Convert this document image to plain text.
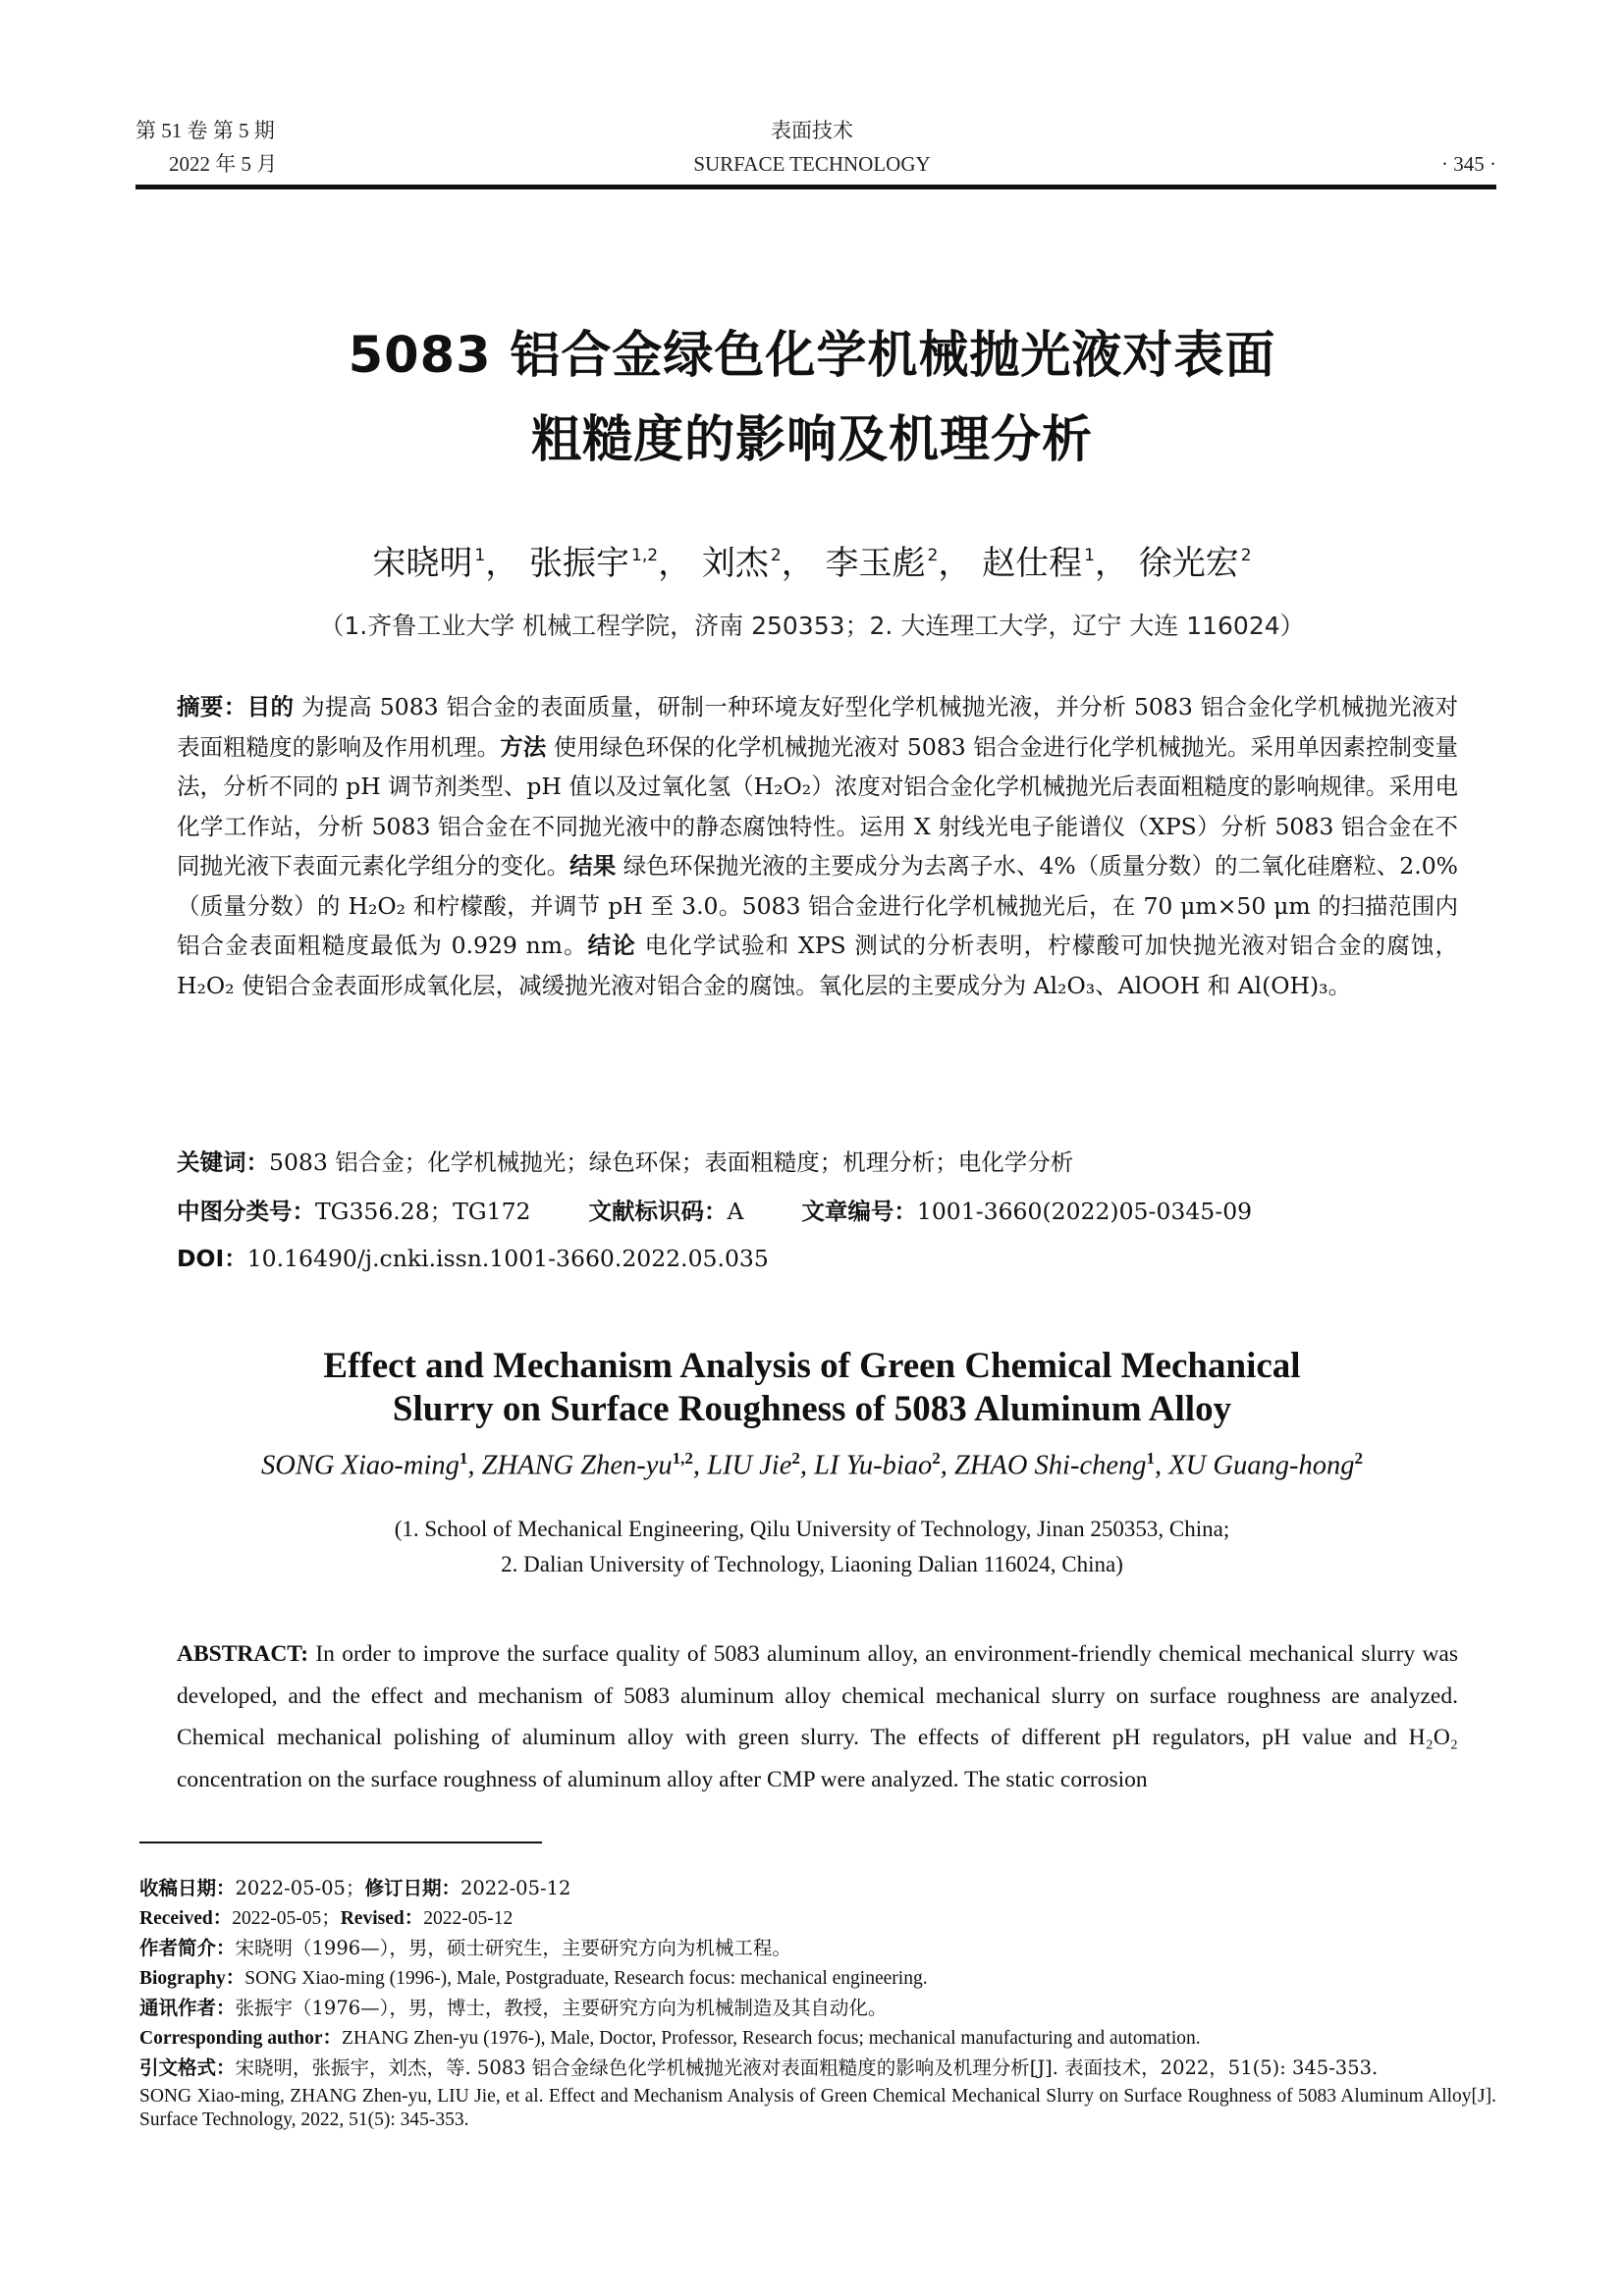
第 51 卷 第 5 期
2022 年 5 月
表面技术
SURFACE TECHNOLOGY	· 345 ·
5083 铝合金绿色化学机械抛光液对表面
粗糙度的影响及机理分析
宋晓明 $^1$， 张振宇 $^{1,2}$， 刘杰 $^2$， 李玉彪 $^2$， 赵仕程 $^1$， 徐光宏 $^2$
（1.齐鲁工业大学 机械工程学院，济南 250353；2. 大连理工大学，辽宁 大连 116024）
摘要：目的 为提高 5083 铝合金的表面质量，研制一种环境友好型化学机械抛光液，并分析 5083 铝合金化学机械抛光液对表面粗糙度的影响及作用机理。方法 使用绿色环保的化学机械抛光液对 5083 铝合金进行化学机械抛光。采用单因素控制变量法，分析不同的 pH 调节剂类型、pH 值以及过氧化氢（H₂O₂）浓度对铝合金化学机械抛光后表面粗糙度的影响规律。采用电化学工作站，分析 5083 铝合金在不同抛光液中的静态腐蚀特性。运用 X 射线光电子能谱仪（XPS）分析 5083 铝合金在不同抛光液下表面元素化学组分的变化。结果 绿色环保抛光液的主要成分为去离子水、4%（质量分数）的二氧化硅磨粒、2.0%（质量分数）的 H₂O₂ 和柠檬酸，并调节 pH 至 3.0。5083 铝合金进行化学机械抛光后，在 70 μm×50 μm 的扫描范围内铝合金表面粗糙度最低为 0.929 nm。结论 电化学试验和 XPS 测试的分析表明，柠檬酸可加快抛光液对铝合金的腐蚀，H₂O₂ 使铝合金表面形成氧化层，减缓抛光液对铝合金的腐蚀。氧化层的主要成分为 Al₂O₃、AlOOH 和 Al(OH)₃。
关键词：5083 铝合金；化学机械抛光；绿色环保；表面粗糙度；机理分析；电化学分析
中图分类号：TG356.28；TG172	文献标识码：A	文章编号：1001-3660(2022)05-0345-09
DOI：10.16490/j.cnki.issn.1001-3660.2022.05.035
Effect and Mechanism Analysis of Green Chemical Mechanical
Slurry on Surface Roughness of 5083 Aluminum Alloy
SONG Xiao-ming$^1$, ZHANG Zhen-yu$^{1,2}$, LIU Jie$^2$, LI Yu-biao$^2$, ZHAO Shi-cheng$^1$, XU Guang-hong$^2$
(1. School of Mechanical Engineering, Qilu University of Technology, Jinan 250353, China;
2. Dalian University of Technology, Liaoning Dalian 116024, China)
ABSTRACT: In order to improve the surface quality of 5083 aluminum alloy, an environment-friendly chemical mechanical slurry was developed, and the effect and mechanism of 5083 aluminum alloy chemical mechanical slurry on surface roughness are analyzed. Chemical mechanical polishing of aluminum alloy with green slurry. The effects of different pH regulators, pH value and H₂O₂ concentration on the surface roughness of aluminum alloy after CMP were analyzed. The static corrosion
收稿日期：2022-05-05；修订日期：2022-05-12
Received：2022-05-05；Revised：2022-05-12
作者简介：宋晓明（1996—），男，硕士研究生，主要研究方向为机械工程。
Biography：SONG Xiao-ming (1996-), Male, Postgraduate, Research focus: mechanical engineering.
通讯作者：张振宇（1976—），男，博士，教授，主要研究方向为机械制造及其自动化。
Corresponding author：ZHANG Zhen-yu (1976-), Male, Doctor, Professor, Research focus; mechanical manufacturing and automation.
引文格式：宋晓明，张振宇，刘杰，等. 5083 铝合金绿色化学机械抛光液对表面粗糙度的影响及机理分析[J]. 表面技术，2022，51(5): 345-353.
SONG Xiao-ming, ZHANG Zhen-yu, LIU Jie, et al. Effect and Mechanism Analysis of Green Chemical Mechanical Slurry on Surface Roughness of 5083 Aluminum Alloy[J]. Surface Technology, 2022, 51(5): 345-353.
